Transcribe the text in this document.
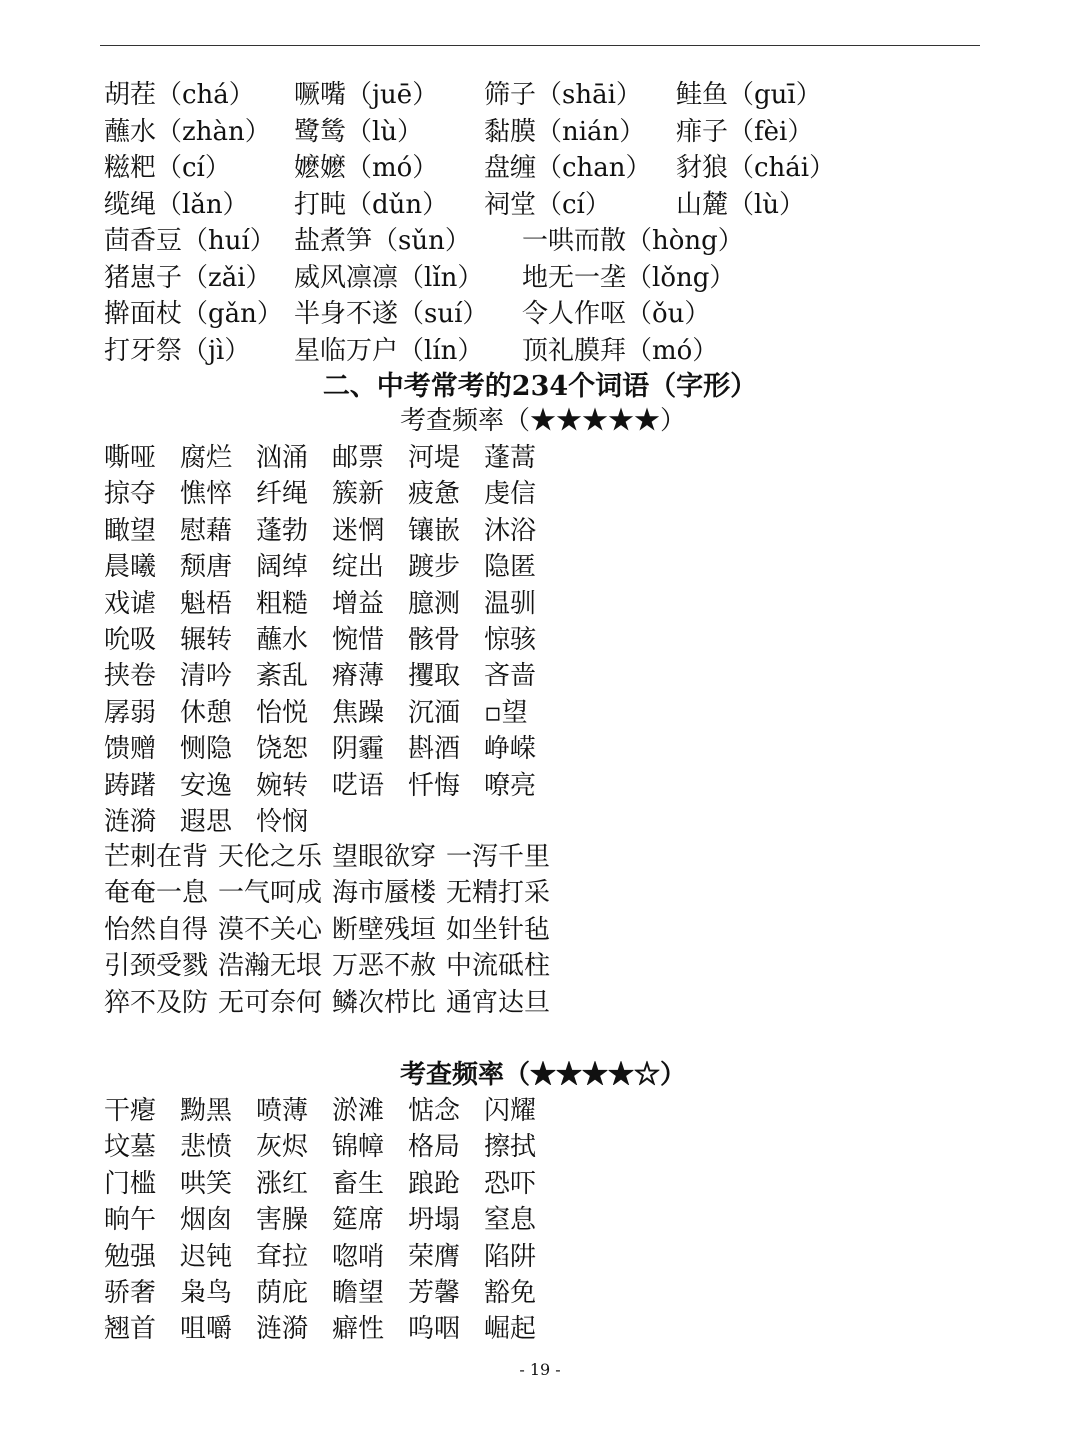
胡茬（chá） 噘嘴（juē） 筛子（shāi） 鲑鱼（guī）
蘸水（zhàn） 鹭鸶（lù） 黏膜（nián） 痱子（fèi）
糍粑（cí） 嬷嬷（mó） 盘缠（chan） 豺狼（chái）
缆绳（lǎn） 打盹（dǔn） 祠堂（cí）	山麓（lù）
茴香豆（huí） 盐煮笋（sǔn） 一哄而散（hòng）
猪崽子（zǎi） 威风凛凛（lǐn） 地无一垄（lǒng）
擀面杖（gǎn） 半身不遂（suí） 令人作呕（ǒu）
打牙祭（jì） 星临万户（lín） 顶礼膜拜（mó）
二、中考常考的234个词语（字形）
考查频率（★★★★★）
嘶哑 腐烂 汹涌 邮票 河堤 蓬蒿
掠夺 憔悴 纤绳 簇新 疲惫 虔信
瞰望 慰藉 蓬勃 迷惘 镶嵌 沐浴
晨曦 颓唐 阔绰 绽出 踱步 隐匿
戏谑 魁梧 粗糙 增益 臆测 温驯
吮吸 辗转 蘸水 惋惜 骸骨 惊骇
挟卷 清吟 紊乱 瘠薄 攫取 吝啬
孱弱 休憩 怡悦 焦躁 沉湎 ▫望
馈赠 恻隐 饶恕 阴霾 斟酒 峥嵘
踌躇 安逸 婉转 呓语 忏悔 嘹亮
涟漪 遐思 怜悯
芒刺在背 天伦之乐 望眼欲穿 一泻千里
奄奄一息 一气呵成 海市蜃楼 无精打采
怡然自得 漠不关心 断壁残垣 如坐针毡
引颈受戮 浩瀚无垠 万恶不赦 中流砥柱
猝不及防 无可奈何 鳞次栉比 通宵达旦
考查频率（★★★★☆）
干瘪 黝黑 喷薄 淤滩 惦念 闪耀
坟墓 悲愤 灰烬 锦幛 格局 擦拭
门槛 哄笑 涨红 畜生 踉跄 恐吓
晌午 烟囱 害臊 筵席 坍塌 窒息
勉强 迟钝 耷拉 唿哨 荣膺 陷阱
骄奢 枭鸟 荫庇 瞻望 芳馨 豁免
翘首 咀嚼 涟漪 癖性 呜咽 崛起
- 19 -
